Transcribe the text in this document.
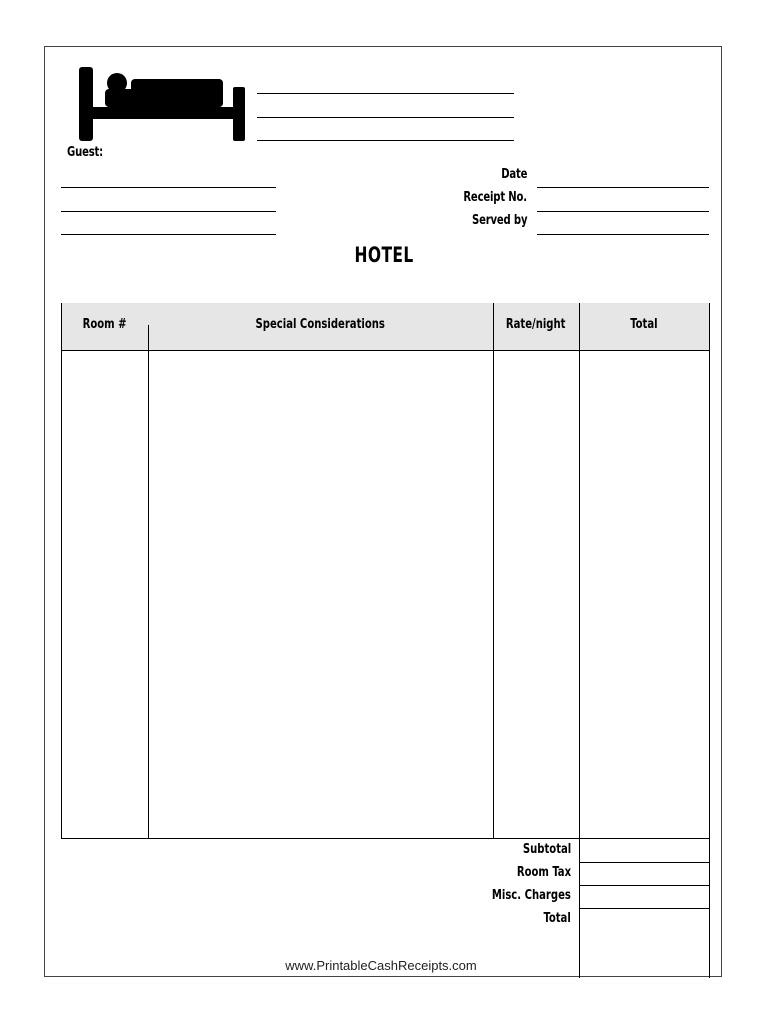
Guest:
Date
Receipt No.
Served by
HOTEL
Room #	Special Considerations	Rate/night	Total
Subtotal
Room Tax
Misc. Charges
Total
www.PrintableCashReceipts.com
